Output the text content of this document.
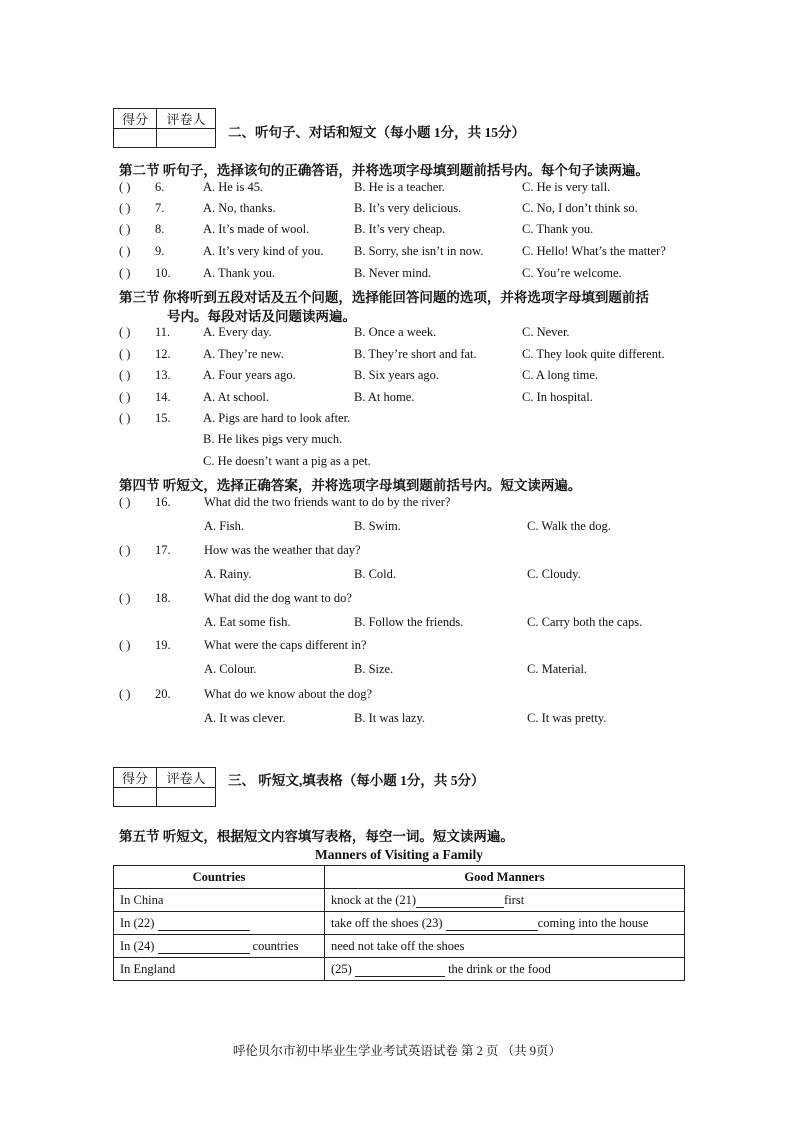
得分	评卷人

二、听句子、对话和短文（每小题 1分，共 15分）
第二节 听句子，选择该句的正确答语，并将选项字母填到题前括号内。每个句子读两遍。
第三节 你将听到五段对话及五个问题，选择能回答问题的选项，并将选项字母填到题前括
号内。每段对话及问题读两遍。
( ) 15.	A. Pigs are hard to look after.
B. He likes pigs very much.
C. He doesn’t want a pig as a pet.
第四节 听短文，选择正确答案，并将选项字母填到题前括号内。短文读两遍。
得分	评卷人
	三、 听短文,填表格（每小题 1分，共 5分）
第五节 听短文，根据短文内容填写表格，每空一词。短文读两遍。
Manners of Visiting a Family
Countries	Good Manners
In China	knock at the (21) first
In (22)	take off the shoes (23) coming into the house
In (24) countries	need not take off the shoes
In England	(25) the drink or the food
呼伦贝尔市初中毕业生学业考试英语试卷 第 2 页 （共 9页）
( ) 6.	A. He is 45.	B. He is a teacher.	C. He is very tall.
( ) 7.	A. No, thanks.	B. It’s very delicious.	C. No, I don’t think so.
( ) 8.	A. It’s made of wool.	B. It’s very cheap.	C. Thank you.
( ) 9.	A. It’s very kind of you. B. Sorry, she isn’t in now.	C. Hello! What’s the matter?
( ) 10.	A. Thank you.	B. Never mind.	C. You’re welcome.
( ) 11.	A. Every day.	B. Once a week.	C. Never.
( ) 12.	A. They’re new.	B. They’re short and fat.	C. They look quite different.
( ) 13.	A. Four years ago.	B. Six years ago.	C. A long time.
( ) 14.	A. At school.	B. At home.	C. In hospital.
( ) 16.	What did the two friends want to do by the river?
A. Fish.	B. Swim.	C. Walk the dog.
( ) 17.	How was the weather that day?
A. Rainy.	B. Cold.	C. Cloudy.
( ) 18.	What did the dog want to do?
A. Eat some fish.	B. Follow the friends.	C. Carry both the caps.
( ) 19.	What were the caps different in?
A. Colour.	B. Size.	C. Material.
( ) 20.	What do we know about the dog?
A. It was clever.	B. It was lazy.	C. It was pretty.
